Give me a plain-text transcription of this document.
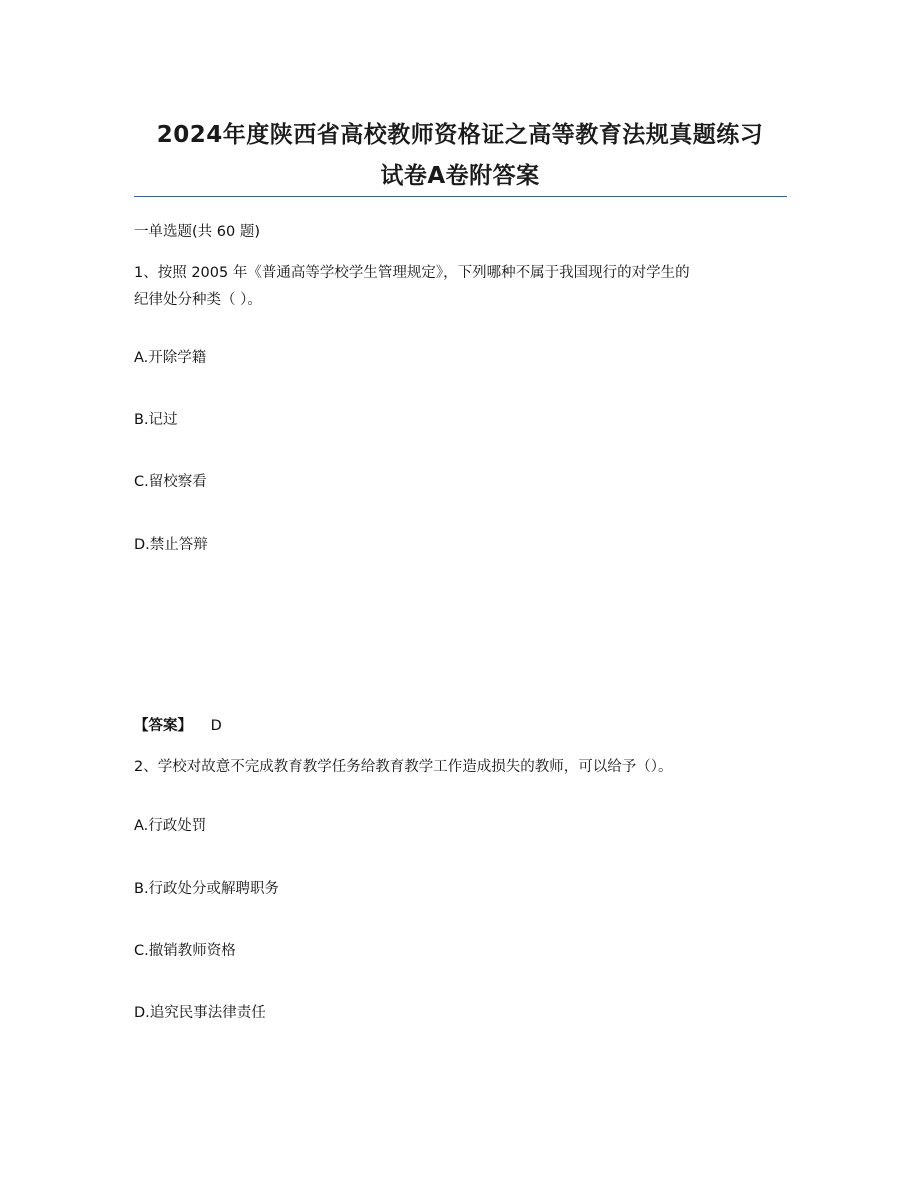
2024年度陕西省高校教师资格证之高等教育法规真题练习
试卷A卷附答案
一单选题(共 60 题)
1、按照 2005 年《普通高等学校学生管理规定》，下列哪种不属于我国现行的对学生的
纪律处分种类（ ）。
A.开除学籍
B.记过
C.留校察看
D.禁止答辩
【答案】 D
2、学校对故意不完成教育教学任务给教育教学工作造成损失的教师，可以给予（）。
A.行政处罚
B.行政处分或解聘职务
C.撤销教师资格
D.追究民事法律责任
